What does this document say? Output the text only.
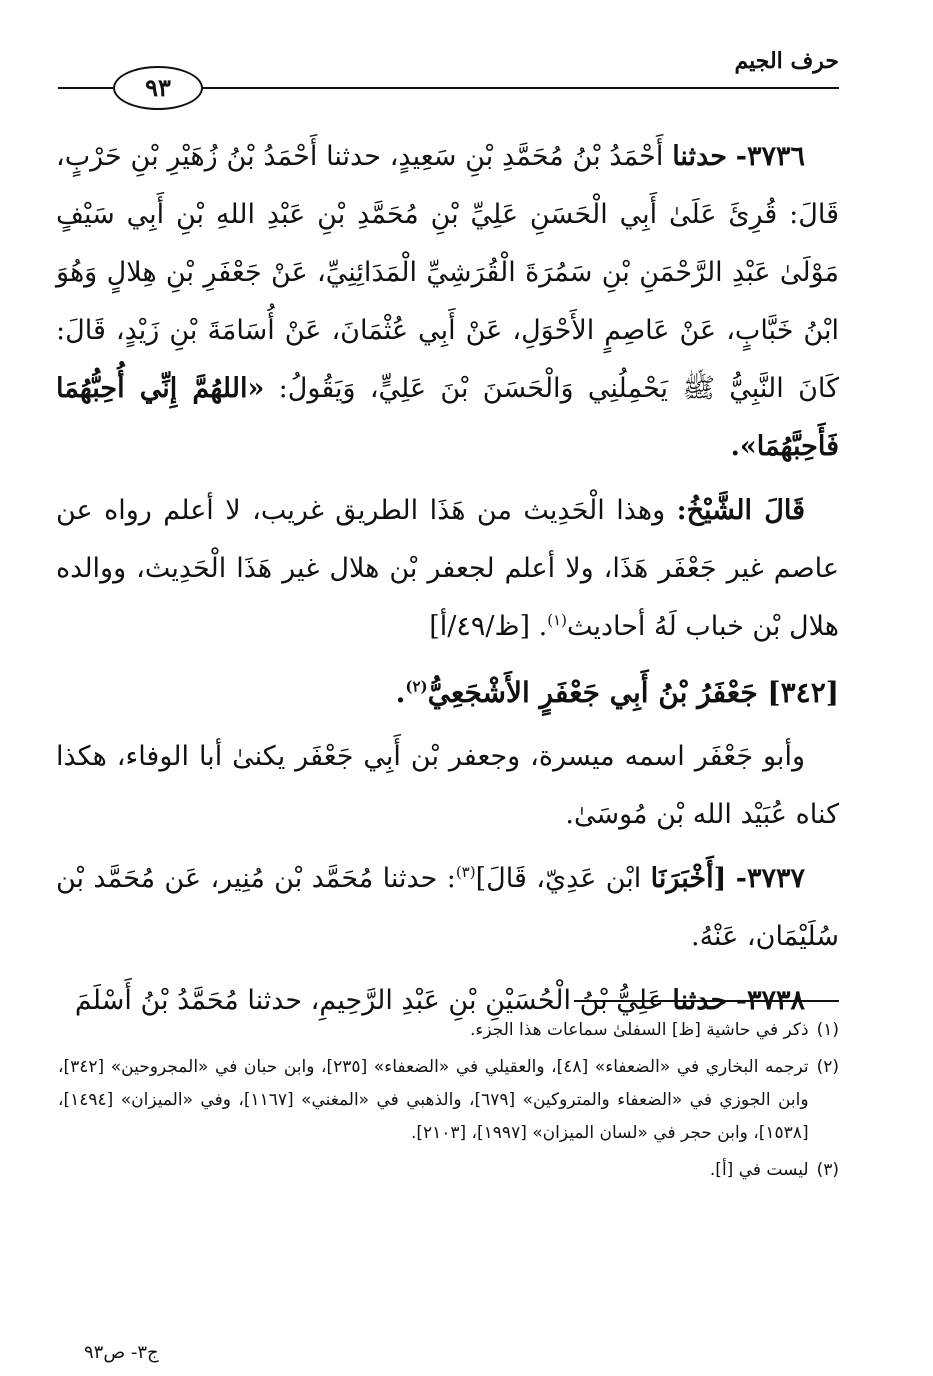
حرف الجيم
٩٣

٣٧٣٦- حدثنا أَحْمَدُ بْنُ مُحَمَّدِ بْنِ سَعِيدٍ، حدثنا أَحْمَدُ بْنُ زُهَيْرِ بْنِ حَرْبٍ، قَالَ: قُرِئَ عَلَىٰ أَبِي الْحَسَنِ عَلِيِّ بْنِ مُحَمَّدِ بْنِ عَبْدِ اللهِ بْنِ أَبِي سَيْفٍ مَوْلَىٰ عَبْدِ الرَّحْمَنِ بْنِ سَمُرَةَ الْقُرَشِيِّ الْمَدَائِنِيِّ، عَنْ جَعْفَرِ بْنِ هِلالٍ وَهُوَ ابْنُ خَبَّابٍ، عَنْ عَاصِمٍ الأَحْوَلِ، عَنْ أَبِي عُثْمَانَ، عَنْ أُسَامَةَ بْنِ زَيْدٍ، قَالَ: كَانَ النَّبِيُّ ﷺ يَحْمِلُنِي وَالْحَسَنَ بْنَ عَلِيٍّ، وَيَقُولُ: «اللهُمَّ إِنِّي أُحِبُّهُمَا فَأَحِبَّهُمَا».

قَالَ الشَّيْخُ: وهذا الْحَدِيث من هَذَا الطريق غريب، لا أعلم رواه عن عاصم غير جَعْفَر هَذَا، ولا أعلم لجعفر بْن هلال غير هَذَا الْحَدِيث، ووالده هلال بْن خباب لَهُ أحاديث$^{(١)}$. [ظ/٤٩/أ]

[٣٤٢] جَعْفَرُ بْنُ أَبِي جَعْفَرٍ الأَشْجَعِيُّ$^{(٢)}$.

وأبو جَعْفَر اسمه ميسرة، وجعفر بْن أَبِي جَعْفَر يكنىٰ أبا الوفاء، هكذا كناه عُبَيْد الله بْن مُوسَىٰ.

٣٧٣٧- [أَخْبَرَنَا ابْن عَدِيّ، قَالَ]$^{(٣)}$: حدثنا مُحَمَّد بْن مُنِير، عَن مُحَمَّد بْن سُلَيْمَان، عَنْهُ.

٣٧٣٨- حدثنا عَلِيُّ بْنُ الْحُسَيْنِ بْنِ عَبْدِ الرَّحِيمِ، حدثنا مُحَمَّدُ بْنُ أَسْلَمَ

(١)
ذكر في حاشية [ظ] السفلىٰ سماعات هذا الجزء.
(٢)
ترجمه البخاري في «الضعفاء» [٤٨]، والعقيلي في «الضعفاء» [٢٣٥]، وابن حبان في «المجروحين» [٣٤٢]، وابن الجوزي في «الضعفاء والمتروكين» [٦٧٩]، والذهبي في «المغني» [١١٦٧]، وفي «الميزان» [١٤٩٤]، [١٥٣٨]، وابن حجر في «لسان الميزان» [١٩٩٧]، [٢١٠٣].
(٣)
ليست في [أ].
ج٣- ص٩٣
